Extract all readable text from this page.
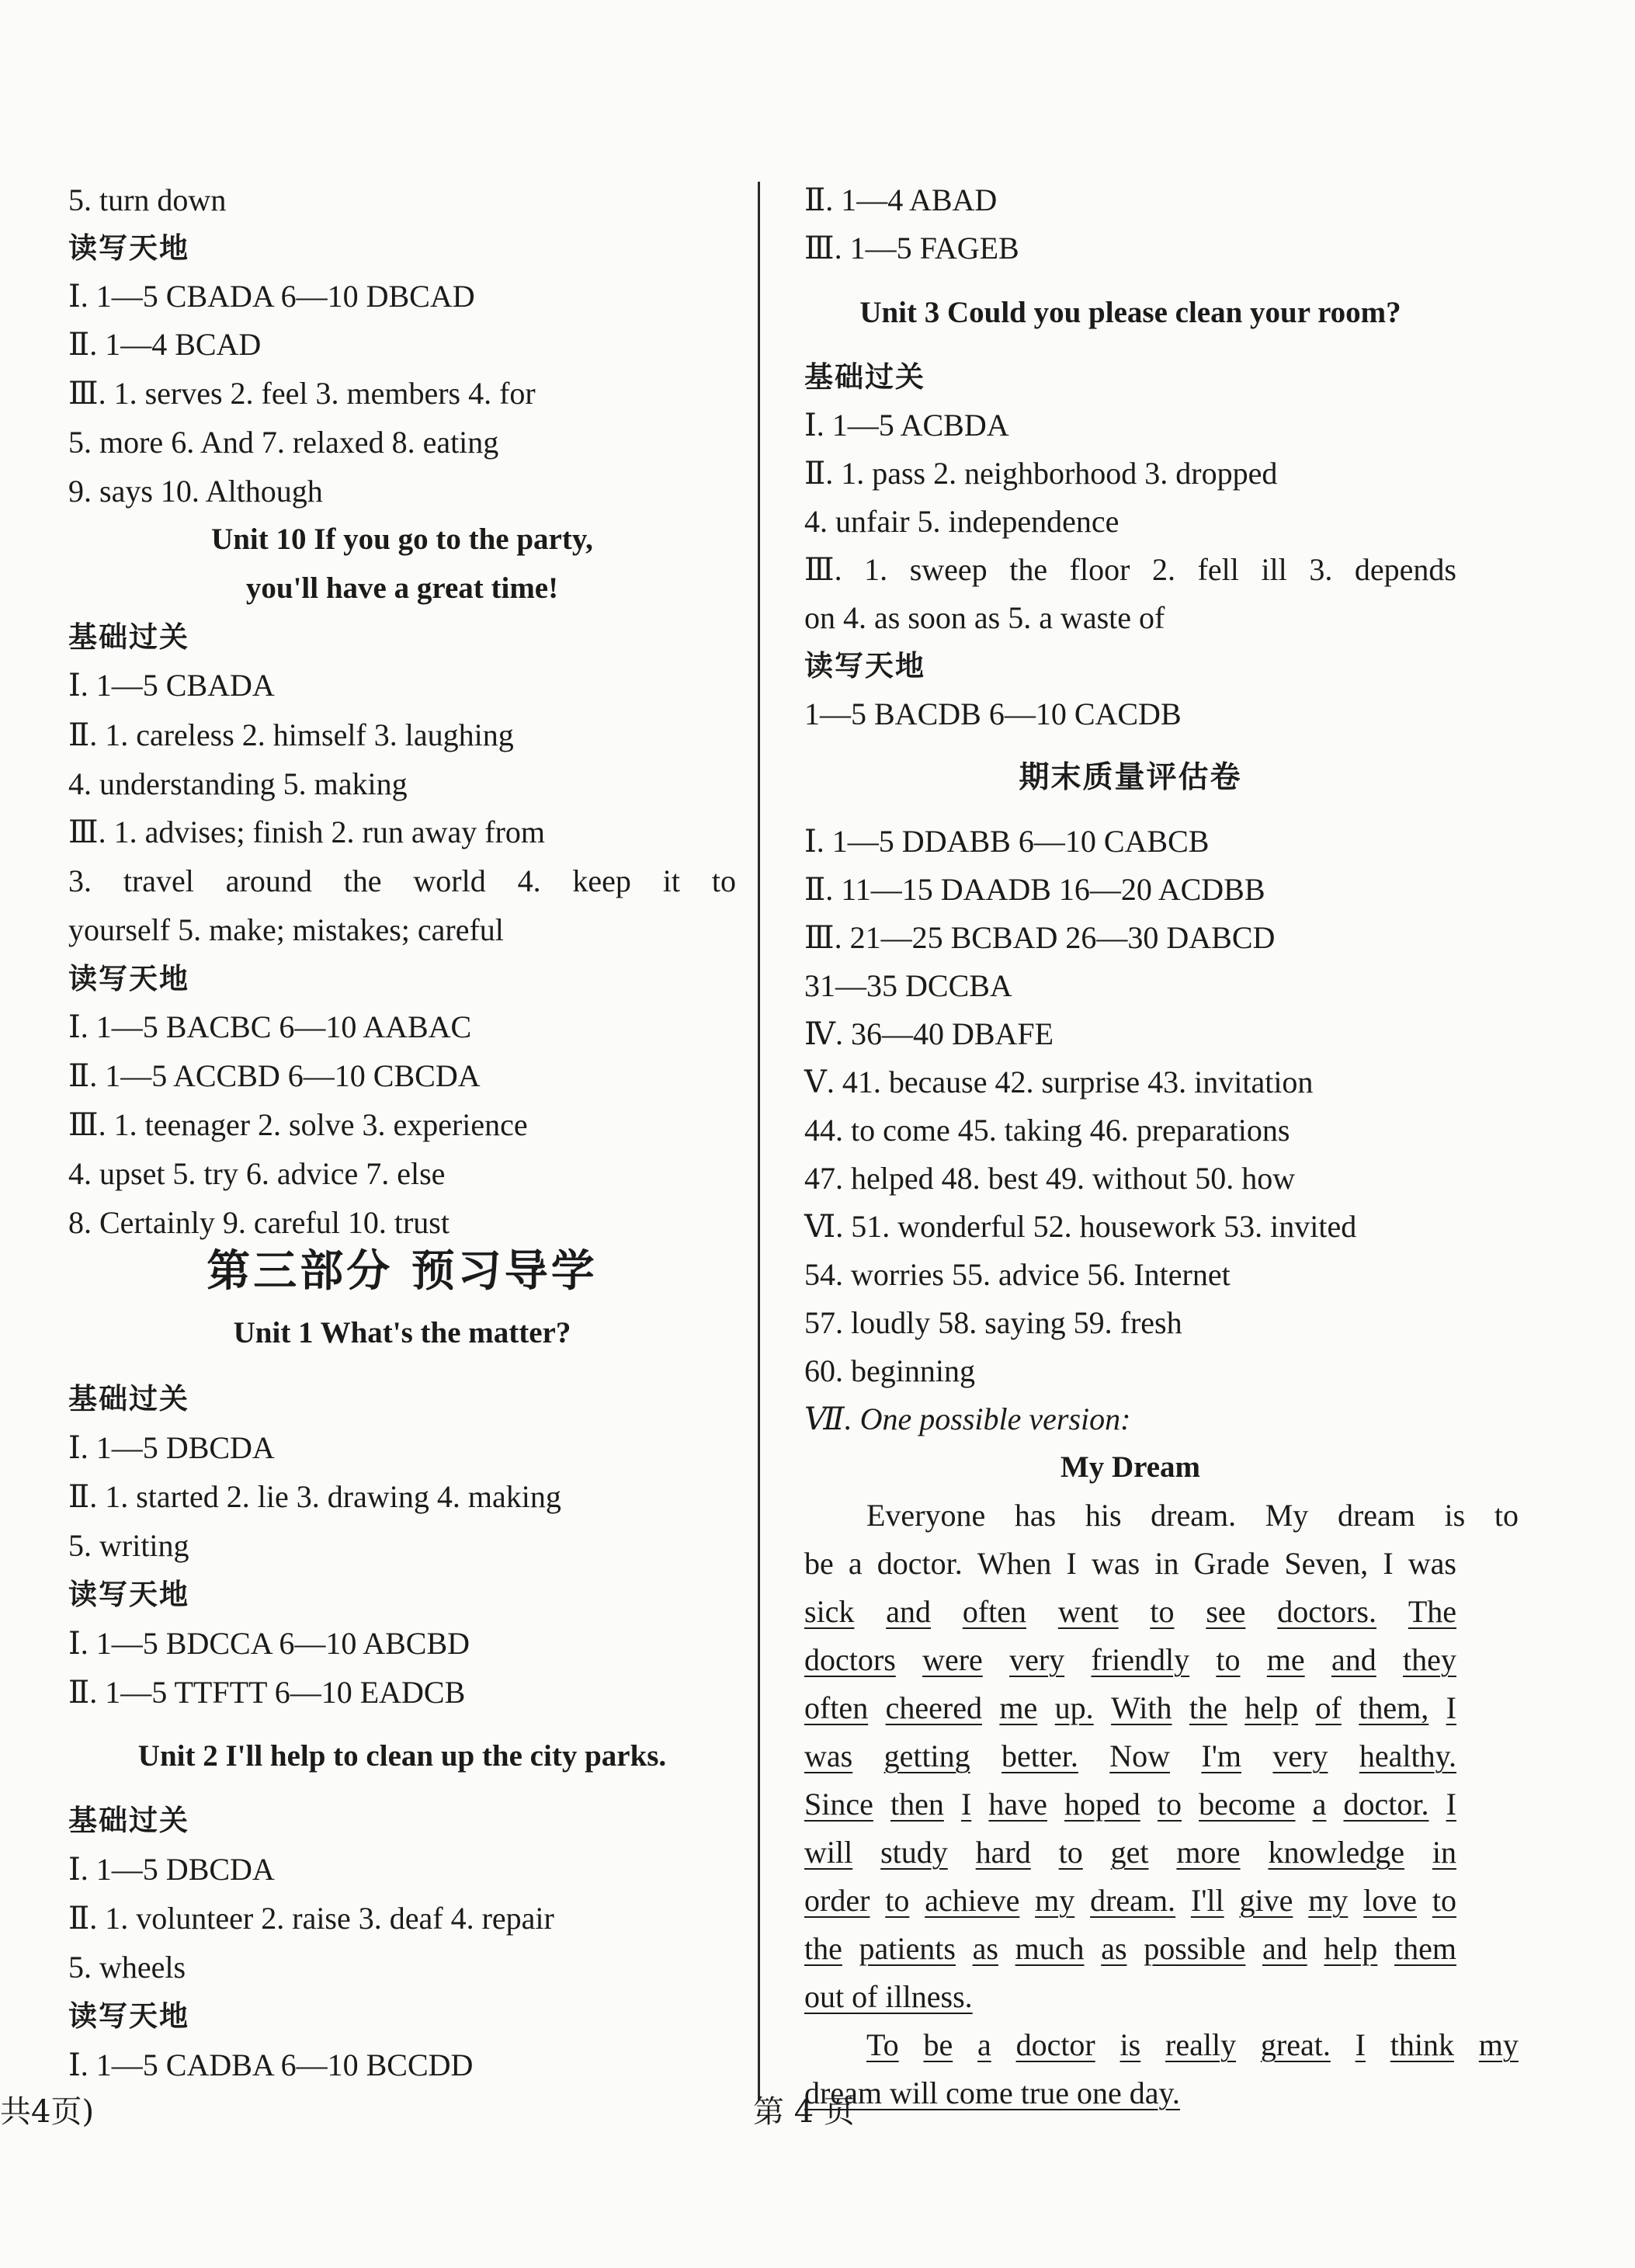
5. turn down
读写天地
Ⅰ. 1—5 CBADA 6—10 DBCAD
Ⅱ. 1—4 BCAD
Ⅲ. 1. serves 2. feel 3. members 4. for
5. more 6. And 7. relaxed 8. eating
9. says 10. Although
Unit 10 If you go to the party,
you'll have a great time!
基础过关
Ⅰ. 1—5 CBADA
Ⅱ. 1. careless 2. himself 3. laughing
4. understanding 5. making
Ⅲ. 1. advises; finish 2. run away from
3. travel around the world 4. keep it to
yourself 5. make; mistakes; careful
读写天地
Ⅰ. 1—5 BACBC 6—10 AABAC
Ⅱ. 1—5 ACCBD 6—10 CBCDA
Ⅲ. 1. teenager 2. solve 3. experience
4. upset 5. try 6. advice 7. else
8. Certainly 9. careful 10. trust
第三部分 预习导学
Unit 1 What's the matter?
基础过关
Ⅰ. 1—5 DBCDA
Ⅱ. 1. started 2. lie 3. drawing 4. making
5. writing
读写天地
Ⅰ. 1—5 BDCCA 6—10 ABCBD
Ⅱ. 1—5 TTFTT 6—10 EADCB
Unit 2 I'll help to clean up the city parks.
基础过关
Ⅰ. 1—5 DBCDA
Ⅱ. 1. volunteer 2. raise 3. deaf 4. repair
5. wheels
读写天地
Ⅰ. 1—5 CADBA 6—10 BCCDD
Ⅱ. 1—4 ABAD
Ⅲ. 1—5 FAGEB
Unit 3 Could you please clean your room?
基础过关
Ⅰ. 1—5 ACBDA
Ⅱ. 1. pass 2. neighborhood 3. dropped
4. unfair 5. independence
Ⅲ. 1. sweep the floor 2. fell ill 3. depends
on 4. as soon as 5. a waste of
读写天地
1—5 BACDB 6—10 CACDB
期末质量评估卷
Ⅰ. 1—5 DDABB 6—10 CABCB
Ⅱ. 11—15 DAADB 16—20 ACDBB
Ⅲ. 21—25 BCBAD 26—30 DABCD
31—35 DCCBA
Ⅳ. 36—40 DBAFE
Ⅴ. 41. because 42. surprise 43. invitation
44. to come 45. taking 46. preparations
47. helped 48. best 49. without 50. how
Ⅵ. 51. wonderful 52. housework 53. invited
54. worries 55. advice 56. Internet
57. loudly 58. saying 59. fresh
60. beginning
Ⅶ. One possible version:
My Dream
Everyone has his dream. My dream is to
be a doctor. When I was in Grade Seven, I was
sick and often went to see doctors. The
doctors were very friendly to me and they
often cheered me up. With the help of them, I
was getting better. Now I'm very healthy.
Since then I have hoped to become a doctor. I
will study hard to get more knowledge in
order to achieve my dream. I'll give my love to
the patients as much as possible and help them
out of illness.
To be a doctor is really great. I think my
dream will come true one day.
共4页)	第 4 页
